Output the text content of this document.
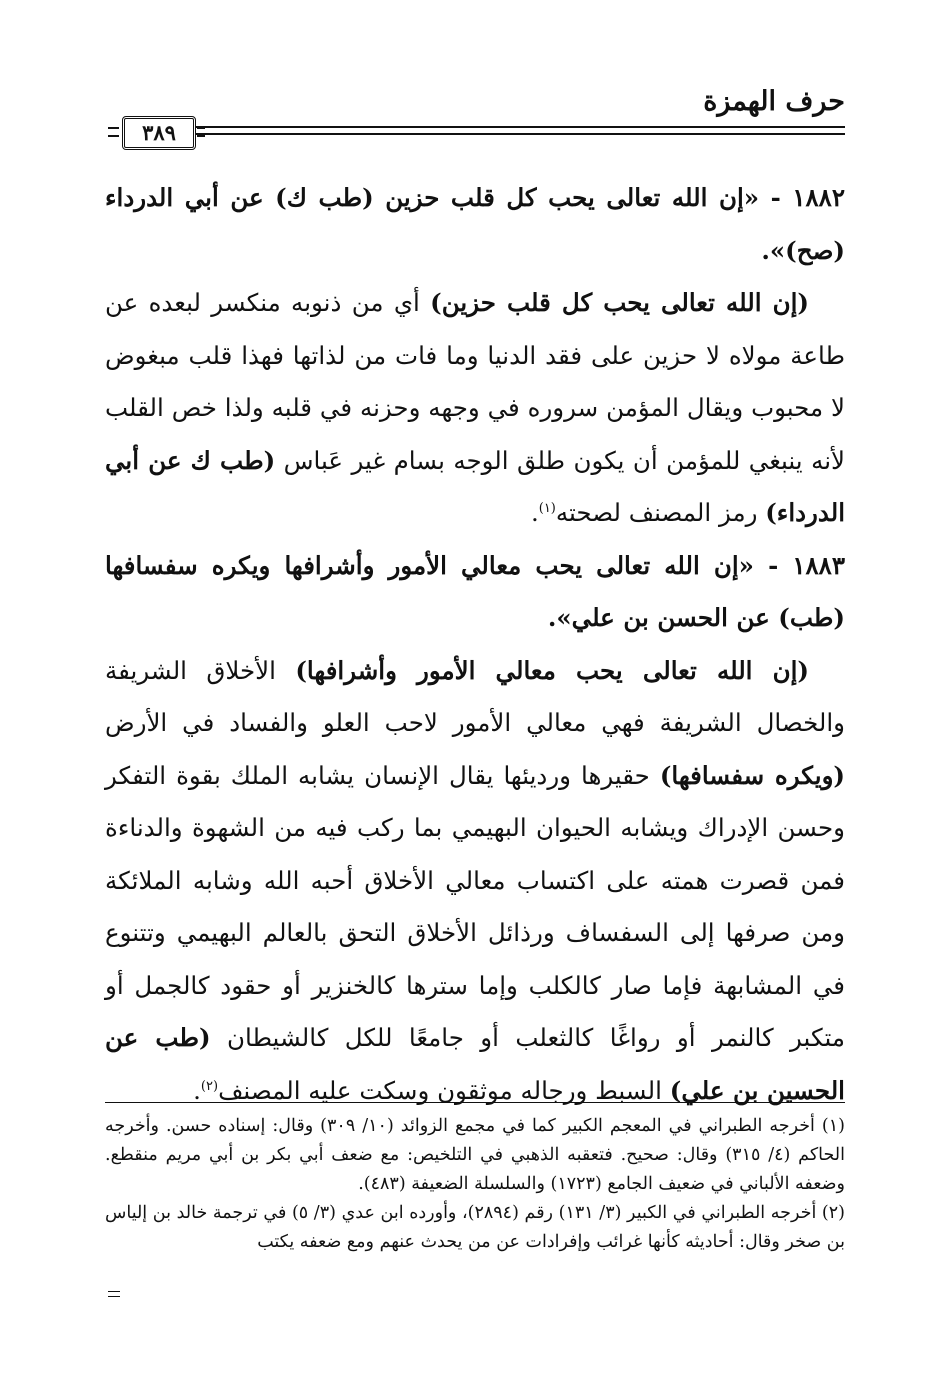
حرف الهمزة
٣٨٩

١٨٨٢ - «إن الله تعالى يحب كل قلب حزين (طب ك) عن أبي الدرداء (صح)».

(إن الله تعالى يحب كل قلب حزين) أي من ذنوبه منكسر لبعده عن طاعة مولاه لا حزين على فقد الدنيا وما فات من لذاتها فهذا قلب مبغوض لا محبوب ويقال المؤمن سروره في وجهه وحزنه في قلبه ولذا خص القلب لأنه ينبغي للمؤمن أن يكون طلق الوجه بسام غير عَباس (طب ك عن أبي الدرداء) رمز المصنف لصحته$^{(١)}$.

١٨٨٣ - «إن الله تعالى يحب معالي الأمور وأشرافها ويكره سفسافها (طب) عن الحسن بن علي».

(إن الله تعالى يحب معالي الأمور وأشرافها) الأخلاق الشريفة والخصال الشريفة فهي معالي الأمور لاحب العلو والفساد في الأرض (ويكره سفسافها) حقيرها ورديئها يقال الإنسان يشابه الملك بقوة التفكر وحسن الإدراك ويشابه الحيوان البهيمي بما ركب فيه من الشهوة والدناءة فمن قصرت همته على اكتساب معالي الأخلاق أحبه الله وشابه الملائكة ومن صرفها إلى السفساف ورذائل الأخلاق التحق بالعالم البهيمي وتتنوع في المشابهة فإما صار كالكلب وإما سترها كالخنزير أو حقود كالجمل أو متكبر كالنمر أو رواغًا كالثعلب أو جامعًا للكل كالشيطان (طب عن الحسين بن علي) السبط ورجاله موثقون وسكت عليه المصنف$^{(٢)}$.

(١) أخرجه الطبراني في المعجم الكبير كما في مجمع الزوائد (١٠/ ٣٠٩) وقال: إسناده حسن. وأخرجه الحاكم (٤/ ٣١٥) وقال: صحيح. فتعقبه الذهبي في التلخيص: مع ضعف أبي بكر بن أبي مريم منقطع. وضعفه الألباني في ضعيف الجامع (١٧٢٣) والسلسلة الضعيفة (٤٨٣).

(٢) أخرجه الطبراني في الكبير (٣/ ١٣١) رقم (٢٨٩٤)، وأورده ابن عدي (٣/ ٥) في ترجمة خالد بن إلياس بن صخر وقال: أحاديثه كأنها غرائب وإفرادات عن من يحدث عنهم ومع ضعفه يكتب
